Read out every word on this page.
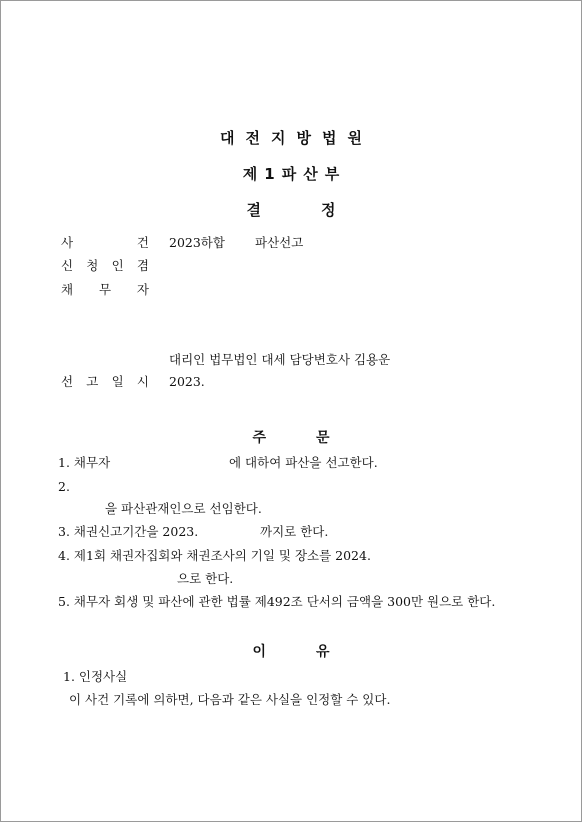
대전지방법원
제1파산부
결정
사	건 2023하합 파산선고
신 청 인 겸
채 무 자
대리인 법무법인 대세 담당변호사 김용운
선 고 일 시 2023.
주문
1. 채무자	에 대하여 파산을 선고한다.
2.
을 파산관재인으로 선임한다.
3. 채권신고기간을 2023.	까지로 한다.
4. 제1회 채권자집회와 채권조사의 기일 및 장소를 2024.
으로 한다.
5. 채무자 회생 및 파산에 관한 법률 제492조 단서의 금액을 300만 원으로 한다.
이유
1. 인정사실
이 사건 기록에 의하면, 다음과 같은 사실을 인정할 수 있다.
